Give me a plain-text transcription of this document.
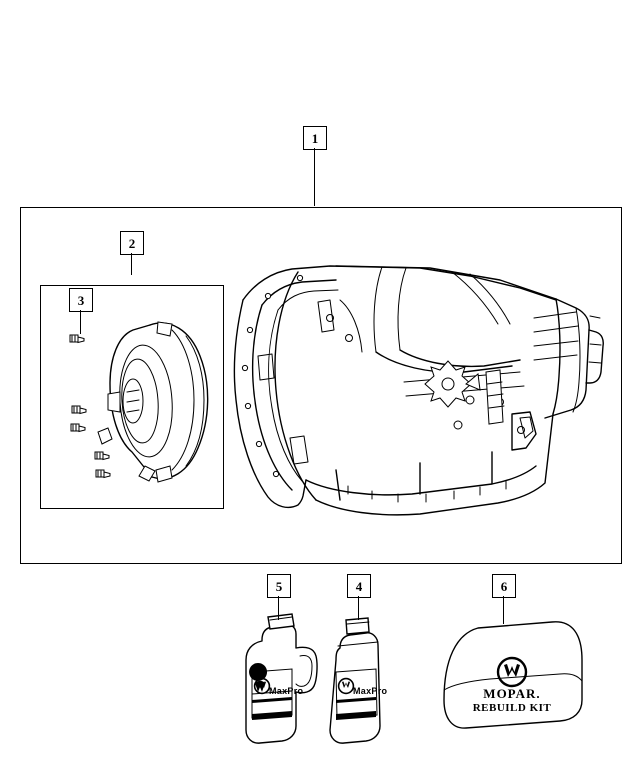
1
2
3
MaxPro	MaxPro	MOPAR.
REBUILD KIT
5	4	6
